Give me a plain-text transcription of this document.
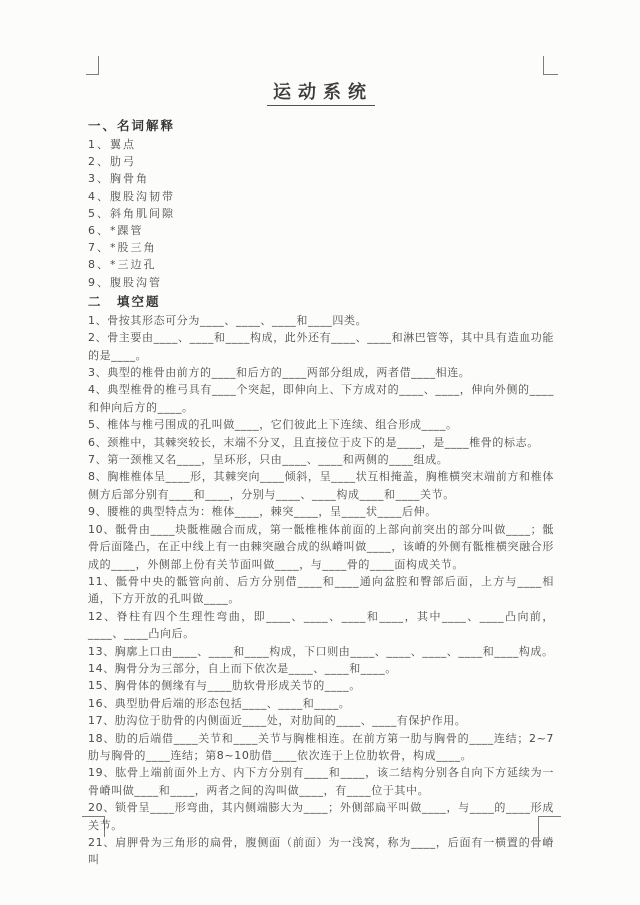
运动系统
一、名词解释
1、翼点
2、肋弓
3、胸骨角
4、腹股沟韧带
5、斜角肌间隙
6、*踝管
7、*股三角
8、*三边孔
9、腹股沟管
二　填空题
1、骨按其形态可分为____、____、____和____四类。
2、骨主要由____、____和____构成，此外还有____、____和淋巴管等，其中具有造血功能的是____。
3、典型的椎骨由前方的____和后方的____两部分组成，两者借____相连。
4、典型椎骨的椎弓具有____个突起，即伸向上、下方成对的____、____，伸向外侧的____和伸向后方的____。
5、椎体与椎弓围成的孔叫做____，它们彼此上下连续、组合形成____。
6、颈椎中，其棘突较长，末端不分叉，且直接位于皮下的是____，是____椎骨的标志。
7、第一颈椎又名____，呈环形，只由____、____和两侧的____组成。
8、胸椎椎体呈____形，其棘突向____倾斜，呈____状互相掩盖，胸椎横突末端前方和椎体侧方后部分别有____和____，分别与____、____构成____和____关节。
9、腰椎的典型特点为：椎体____，棘突____，呈____状____后伸。
10、骶骨由____块骶椎融合而成，第一骶椎椎体前面的上部向前突出的部分叫做____；骶骨后面隆凸，在正中线上有一由棘突融合成的纵嵴叫做____，该嵴的外侧有骶椎横突融合形成的____，外侧部上份有关节面叫做____，与____骨的____面构成关节。
11、骶骨中央的骶管向前、后方分别借____和____通向盆腔和臀部后面，上方与____相通，下方开放的孔叫做____。
12、脊柱有四个生理性弯曲，即____、____、____和____，其中____、____凸向前，____、____凸向后。
13、胸廓上口由____、____和____构成，下口则由____、____、____、____和____构成。
14、胸骨分为三部分，自上而下依次是____、____和____。
15、胸骨体的侧缘有与____肋软骨形成关节的____。
16、典型肋骨后端的形态包括____、____和____。
17、肋沟位于肋骨的内侧面近____处，对肋间的____、____有保护作用。
18、肋的后端借____关节和____关节与胸椎相连。在前方第一肋与胸骨的____连结；2~7肋与胸骨的____连结；第8~10肋借____依次连于上位肋软骨，构成____。
19、肱骨上端前面外上方、内下方分别有____和____，该二结构分别各自向下方延续为一骨嵴叫做____和____，两者之间的沟叫做____，有____位于其中。
20、锁骨呈____形弯曲，其内侧端膨大为____；外侧部扁平叫做____，与____的____形成关节。
21、肩胛骨为三角形的扁骨，腹侧面（前面）为一浅窝，称为____，后面有一横置的骨嵴叫
